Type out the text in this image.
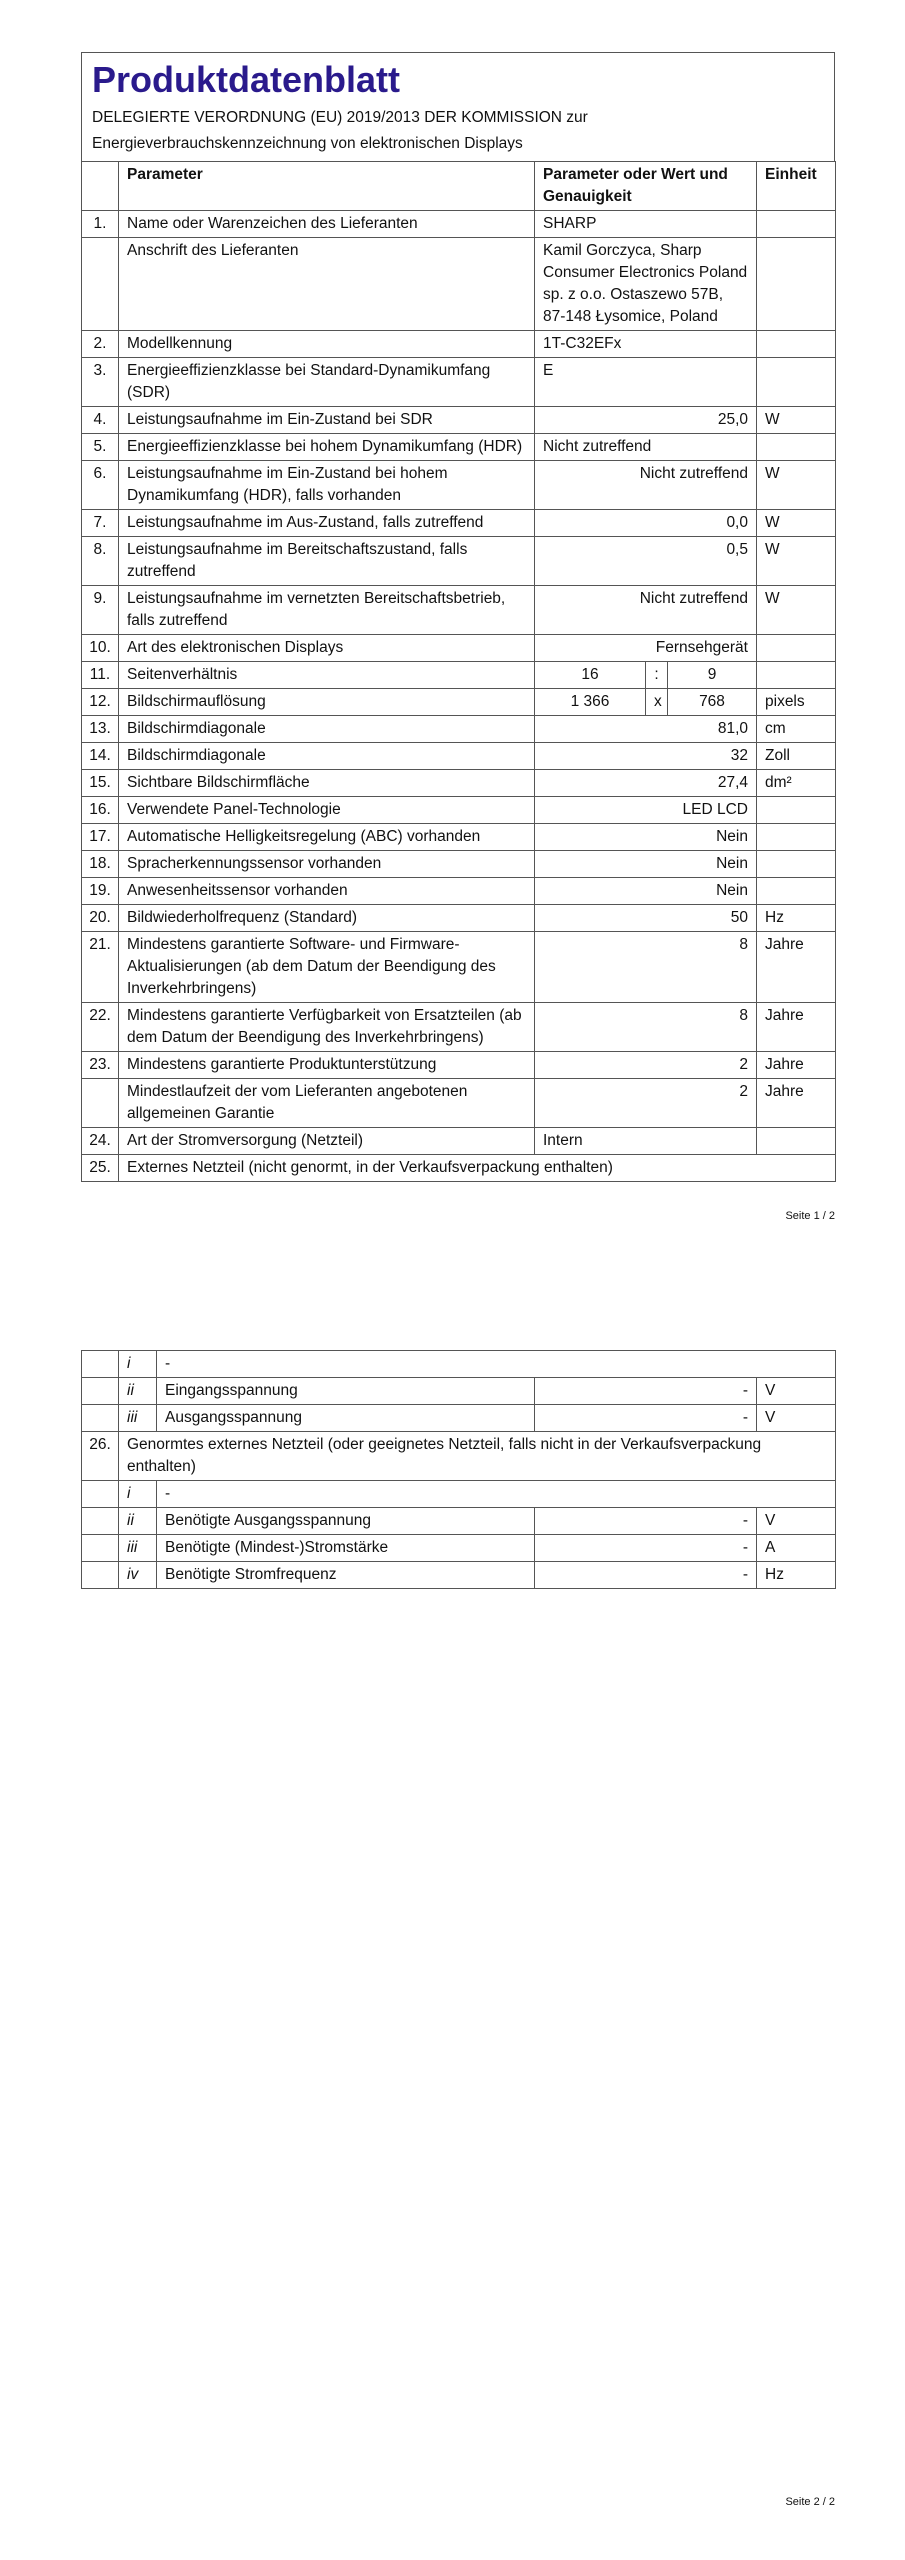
Produktdatenblatt
DELEGIERTE VERORDNUNG (EU) 2019/2013 DER KOMMISSION zur
Energieverbrauchskennzeichnung von elektronischen Displays
	Parameter	Parameter oder Wert und Genauigkeit			Einheit
1.	Name oder Warenzeichen des Lieferanten	SHARP			
	Anschrift des Lieferanten	Kamil Gorczyca, Sharp Consumer Electronics Poland sp. z o.o. Ostaszewo 57B, 87-148 Łysomice, Poland			
2.	Modellkennung	1T-C32EFx			
3.	Energieeffizienzklasse bei Standard-Dynamikumfang (SDR)	E			
4.	Leistungsaufnahme im Ein-Zustand bei SDR	25,0			W
5.	Energieeffizienzklasse bei hohem Dynamikumfang (HDR)	Nicht zutreffend			
6.	Leistungsaufnahme im Ein-Zustand bei hohem Dynamikumfang (HDR), falls vorhanden	Nicht zutreffend			W
7.	Leistungsaufnahme im Aus-Zustand, falls zutreffend	0,0			W
8.	Leistungsaufnahme im Bereitschaftszustand, falls zutreffend	0,5			W
9.	Leistungsaufnahme im vernetzten Bereitschaftsbetrieb, falls zutreffend	Nicht zutreffend			W
10.	Art des elektronischen Displays	Fernsehgerät			
11.	Seitenverhältnis	16	:	9	
12.	Bildschirmauflösung	1 366	x	768	pixels
13.	Bildschirmdiagonale	81,0			cm
14.	Bildschirmdiagonale	32			Zoll
15.	Sichtbare Bildschirmfläche	27,4			dm²
16.	Verwendete Panel-Technologie	LED LCD			
17.	Automatische Helligkeitsregelung (ABC) vorhanden	Nein			
18.	Spracherkennungssensor vorhanden	Nein			
19.	Anwesenheitssensor vorhanden	Nein			
20.	Bildwiederholfrequenz (Standard)	50			Hz
21.	Mindestens garantierte Software- und Firmware-Aktualisierungen (ab dem Datum der Beendigung des Inverkehrbringens)	8			Jahre
22.	Mindestens garantierte Verfügbarkeit von Ersatzteilen (ab dem Datum der Beendigung des Inverkehrbringens)	8			Jahre
23.	Mindestens garantierte Produktunterstützung	2			Jahre
	Mindestlaufzeit der vom Lieferanten angebotenen allgemeinen Garantie	2			Jahre
24.	Art der Stromversorgung (Netzteil)	Intern			
25.	Externes Netzteil (nicht genormt, in der Verkaufsverpackung enthalten)				
Seite 1 / 2
	i	-		
	ii	Eingangsspannung	-	V
	iii	Ausgangsspannung	-	V
26.	Genormtes externes Netzteil (oder geeignetes Netzteil, falls nicht in der Verkaufsverpackung enthalten)			
	i	-		
	ii	Benötigte Ausgangsspannung	-	V
	iii	Benötigte (Mindest-)Stromstärke	-	A
	iv	Benötigte Stromfrequenz	-	Hz
Seite 2 / 2
